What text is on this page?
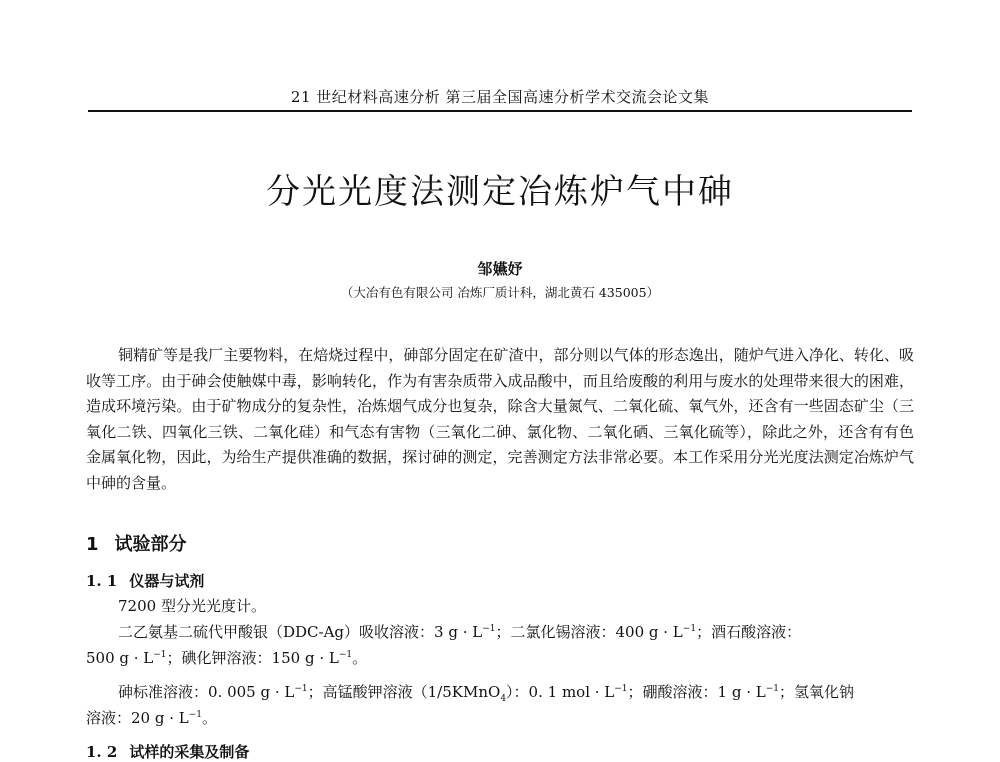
21 世纪材料高速分析 第三届全国高速分析学术交流会论文集
分光光度法测定冶炼炉气中砷
邹嬿妤
（大冶有色有限公司 冶炼厂质计科，湖北黄石 435005）
铜精矿等是我厂主要物料，在焙烧过程中，砷部分固定在矿渣中，部分则以气体的形态逸出，随炉气进入净化、转化、吸收等工序。由于砷会使触媒中毒，影响转化，作为有害杂质带入成品酸中，而且给废酸的利用与废水的处理带来很大的困难，造成环境污染。由于矿物成分的复杂性，冶炼烟气成分也复杂，除含大量氮气、二氧化硫、氧气外，还含有一些固态矿尘（三氧化二铁、四氧化三铁、二氧化硅）和气态有害物（三氧化二砷、氯化物、二氧化硒、三氧化硫等），除此之外，还含有有色金属氧化物，因此，为给生产提供准确的数据，探讨砷的测定，完善测定方法非常必要。本工作采用分光光度法测定冶炼炉气中砷的含量。
1 试验部分
1. 1 仪器与试剂
7200 型分光光度计。
二乙氨基二硫代甲酸银（DDC-Ag）吸收溶液：3 $g \cdot L^{-1}$；二氯化锡溶液：400 $g \cdot L^{-1}$；酒石酸溶液：
500 $g \cdot L^{-1}$；碘化钾溶液：150 $g \cdot L^{-1}$。
砷标准溶液：0. 005 $g \cdot L^{-1}$；高锰酸钾溶液（1/5KMnO$_4$）：0. 1 mol · $L^{-1}$；硼酸溶液：1 $g \cdot L^{-1}$；氢氧化钠
溶液：20 $g \cdot L^{-1}$。
1. 2 试样的采集及制备
